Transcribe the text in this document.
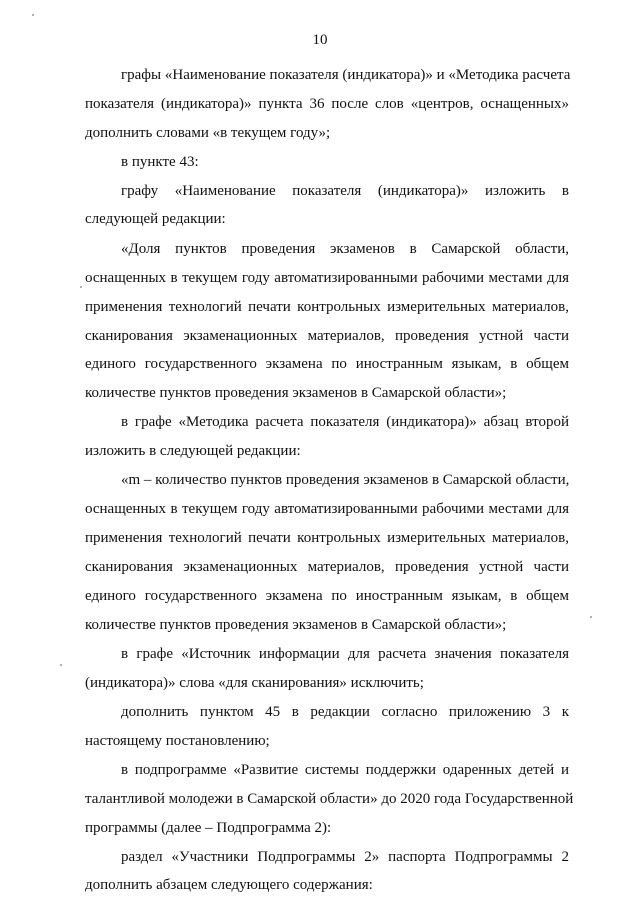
10
графы «Наименование показателя (индикатора)» и «Методика расчета
показателя (индикатора)» пункта 36 после слов «центров, оснащенных»
дополнить словами «в текущем году»;
в пункте 43:
графу «Наименование показателя (индикатора)» изложить в
следующей редакции:
«Доля пунктов проведения экзаменов в Самарской области,
оснащенных в текущем году автоматизированными рабочими местами для
применения технологий печати контрольных измерительных материалов,
сканирования экзаменационных материалов, проведения устной части
единого государственного экзамена по иностранным языкам, в общем
количестве пунктов проведения экзаменов в Самарской области»;
в графе «Методика расчета показателя (индикатора)» абзац второй
изложить в следующей редакции:
«m – количество пунктов проведения экзаменов в Самарской области,
оснащенных в текущем году автоматизированными рабочими местами для
применения технологий печати контрольных измерительных материалов,
сканирования экзаменационных материалов, проведения устной части
единого государственного экзамена по иностранным языкам, в общем
количестве пунктов проведения экзаменов в Самарской области»;
в графе «Источник информации для расчета значения показателя
(индикатора)» слова «для сканирования» исключить;
дополнить пунктом 45 в редакции согласно приложению 3 к
настоящему постановлению;
в подпрограмме «Развитие системы поддержки одаренных детей и
талантливой молодежи в Самарской области» до 2020 года Государственной
программы (далее – Подпрограмма 2):
раздел «Участники Подпрограммы 2» паспорта Подпрограммы 2
дополнить абзацем следующего содержания:
